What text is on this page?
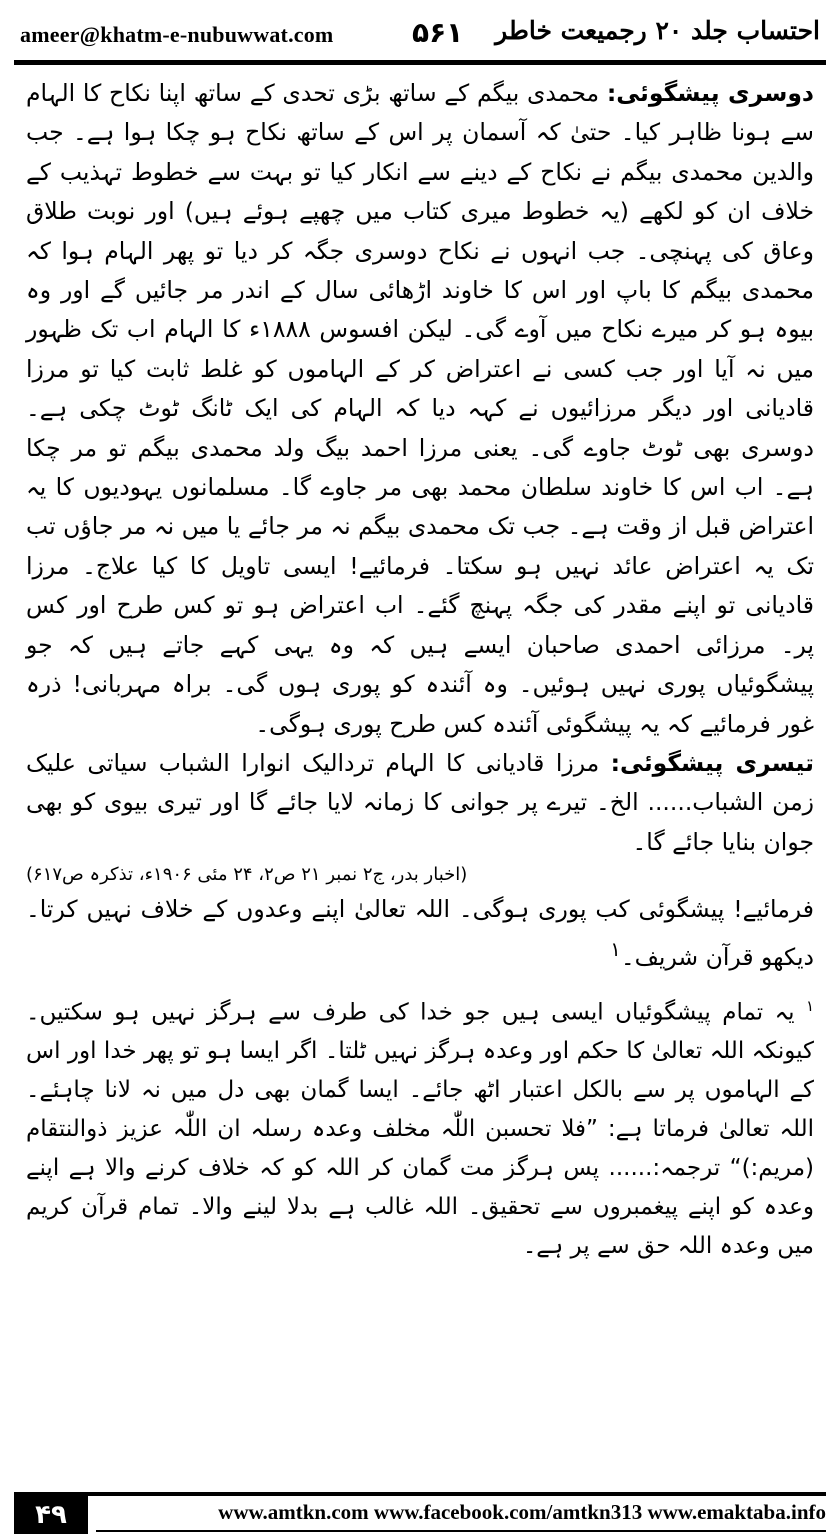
ameer@khatm-e-nubuwwat.com	۵۶۱ احتساب جلد ۲۰ رجمیعت خاطر

دوسری پیشگوئی: محمدی بیگم کے ساتھ بڑی تحدی کے ساتھ اپنا نکاح کا الہام سے ہونا ظاہر کیا۔ حتیٰ کہ آسمان پر اس کے ساتھ نکاح ہو چکا ہوا ہے۔ جب والدین محمدی بیگم نے نکاح کے دینے سے انکار کیا تو بہت سے خطوط تہذیب کے خلاف ان کو لکھے (یہ خطوط میری کتاب میں چھپے ہوئے ہیں) اور نوبت طلاق وعاق کی پہنچی۔ جب انہوں نے نکاح دوسری جگہ کر دیا تو پھر الہام ہوا کہ محمدی بیگم کا باپ اور اس کا خاوند اڑھائی سال کے اندر مر جائیں گے اور وہ بیوہ ہو کر میرے نکاح میں آوے گی۔ لیکن افسوس ۱۸۸۸ء کا الہام اب تک ظہور میں نہ آیا اور جب کسی نے اعتراض کر کے الہاموں کو غلط ثابت کیا تو مرزا قادیانی اور دیگر مرزائیوں نے کہہ دیا کہ الہام کی ایک ٹانگ ٹوٹ چکی ہے۔ دوسری بھی ٹوٹ جاوے گی۔ یعنی مرزا احمد بیگ ولد محمدی بیگم تو مر چکا ہے۔ اب اس کا خاوند سلطان محمد بھی مر جاوے گا۔ مسلمانوں یہودیوں کا یہ اعتراض قبل از وقت ہے۔ جب تک محمدی بیگم نہ مر جائے یا میں نہ مر جاؤں تب تک یہ اعتراض عائد نہیں ہو سکتا۔ فرمائیے! ایسی تاویل کا کیا علاج۔ مرزا قادیانی تو اپنے مقدر کی جگہ پہنچ گئے۔ اب اعتراض ہو تو کس طرح اور کس پر۔ مرزائی احمدی صاحبان ایسے ہیں کہ وہ یہی کہے جاتے ہیں کہ جو پیشگوئیاں پوری نہیں ہوئیں۔ وہ آئندہ کو پوری ہوں گی۔ براہ مہربانی! ذرہ غور فرمائیے کہ یہ پیشگوئی آئندہ کس طرح پوری ہوگی۔

تیسری پیشگوئی: مرزا قادیانی کا الہام تردالیک انوارا الشباب سیاتی علیک زمن الشباب...... الخ۔ تیرے پر جوانی کا زمانہ لایا جائے گا اور تیری بیوی کو بھی جوان بنایا جائے گا۔

(اخبار بدر، ج۲ نمبر ۲۱ ص۲، ۲۴ مئی ۱۹۰۶ء، تذکرہ ص۶۱۷)

فرمائیے! پیشگوئی کب پوری ہوگی۔ اللہ تعالیٰ اپنے وعدوں کے خلاف نہیں کرتا۔ دیکھو قرآن شریف۔$^۱$

$^۱$ یہ تمام پیشگوئیاں ایسی ہیں جو خدا کی طرف سے ہرگز نہیں ہو سکتیں۔ کیونکہ اللہ تعالیٰ کا حکم اور وعدہ ہرگز نہیں ٹلتا۔ اگر ایسا ہو تو پھر خدا اور اس کے الہاموں پر سے بالکل اعتبار اٹھ جائے۔ ایسا گمان بھی دل میں نہ لانا چاہئے۔ اللہ تعالیٰ فرماتا ہے: ”فلا تحسبن اللّٰہ مخلف وعدہ رسلہ ان اللّٰہ عزیز ذوالنتقام (مریم:)“ ترجمہ:...... پس ہرگز مت گمان کر اللہ کو کہ خلاف کرنے والا ہے اپنے وعدہ کو اپنے پیغمبروں سے تحقیق۔ اللہ غالب ہے بدلا لینے والا۔ تمام قرآن کریم میں وعدہ اللہ حق سے پر ہے۔

۴۹	www.amtkn.com www.facebook.com/amtkn313 www.emaktaba.info
